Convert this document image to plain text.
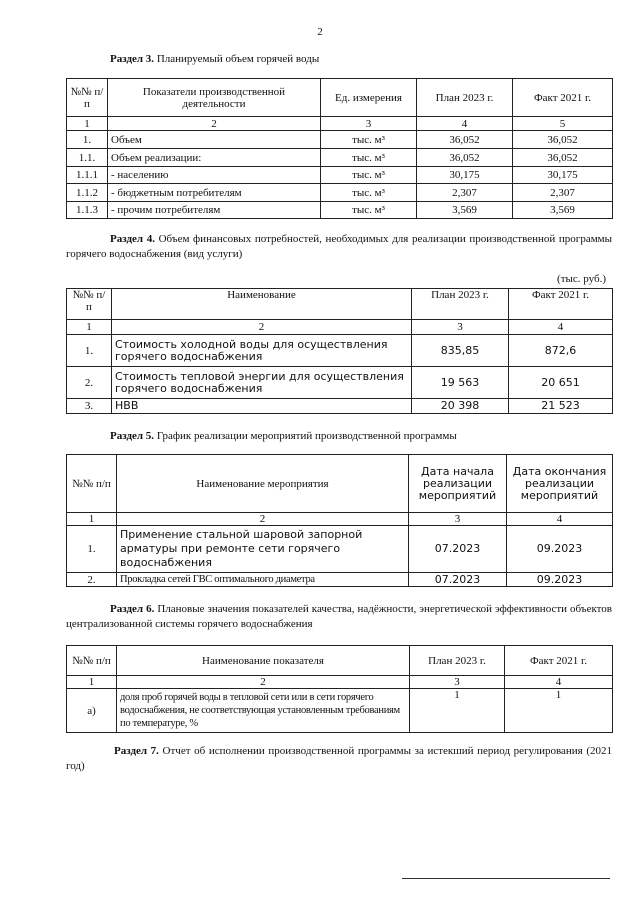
2
Раздел 3. Планируемый объем горячей воды
№№ п/п	Показатели производственной деятельности	Ед. измерения	План 2023 г.	Факт 2021 г.
1	2	3	4	5
1.	Объем	тыс. м³	36,052	36,052
1.1.	Объем реализации:	тыс. м³	36,052	36,052
1.1.1	- населению	тыс. м³	30,175	30,175
1.1.2	- бюджетным потребителям	тыс. м³	2,307	2,307
1.1.3	- прочим потребителям	тыс. м³	3,569	3,569
Раздел 4. Объем финансовых потребностей, необходимых для реализации производственной программы горячего водоснабжения (вид услуги)
(тыс. руб.)
№№ п/п	Наименование	План 2023 г.	Факт 2021 г.
1	2	3	4
1.	Стоимость холодной воды для осуществления горячего водоснабжения	835,85	872,6
2.	Стоимость тепловой энергии для осуществления горячего водоснабжения	19 563	20 651
3.	НВВ	20 398	21 523
Раздел 5. График реализации мероприятий производственной программы
№№ п/п	Наименование мероприятия	Дата начала реализации мероприятий	Дата окончания реализации мероприятий
1	2	3	4
1.	Применение стальной шаровой запорной арматуры при ремонте сети горячего водоснабжения	07.2023	09.2023
2.	Прокладка сетей ГВС оптимального диаметра	07.2023	09.2023
Раздел 6. Плановые значения показателей качества, надёжности, энергетической эффективности объектов централизованной системы горячего водоснабжения
№№ п/п	Наименование показателя	План 2023 г.	Факт 2021 г.
1	2	3	4
а)	доля проб горячей воды в тепловой сети или в сети горячего водоснабжения, не соответствующая установленным требованиям по температуре, %	1	1
Раздел 7. Отчет об исполнении производственной программы за истекший период регулирования (2021 год)
